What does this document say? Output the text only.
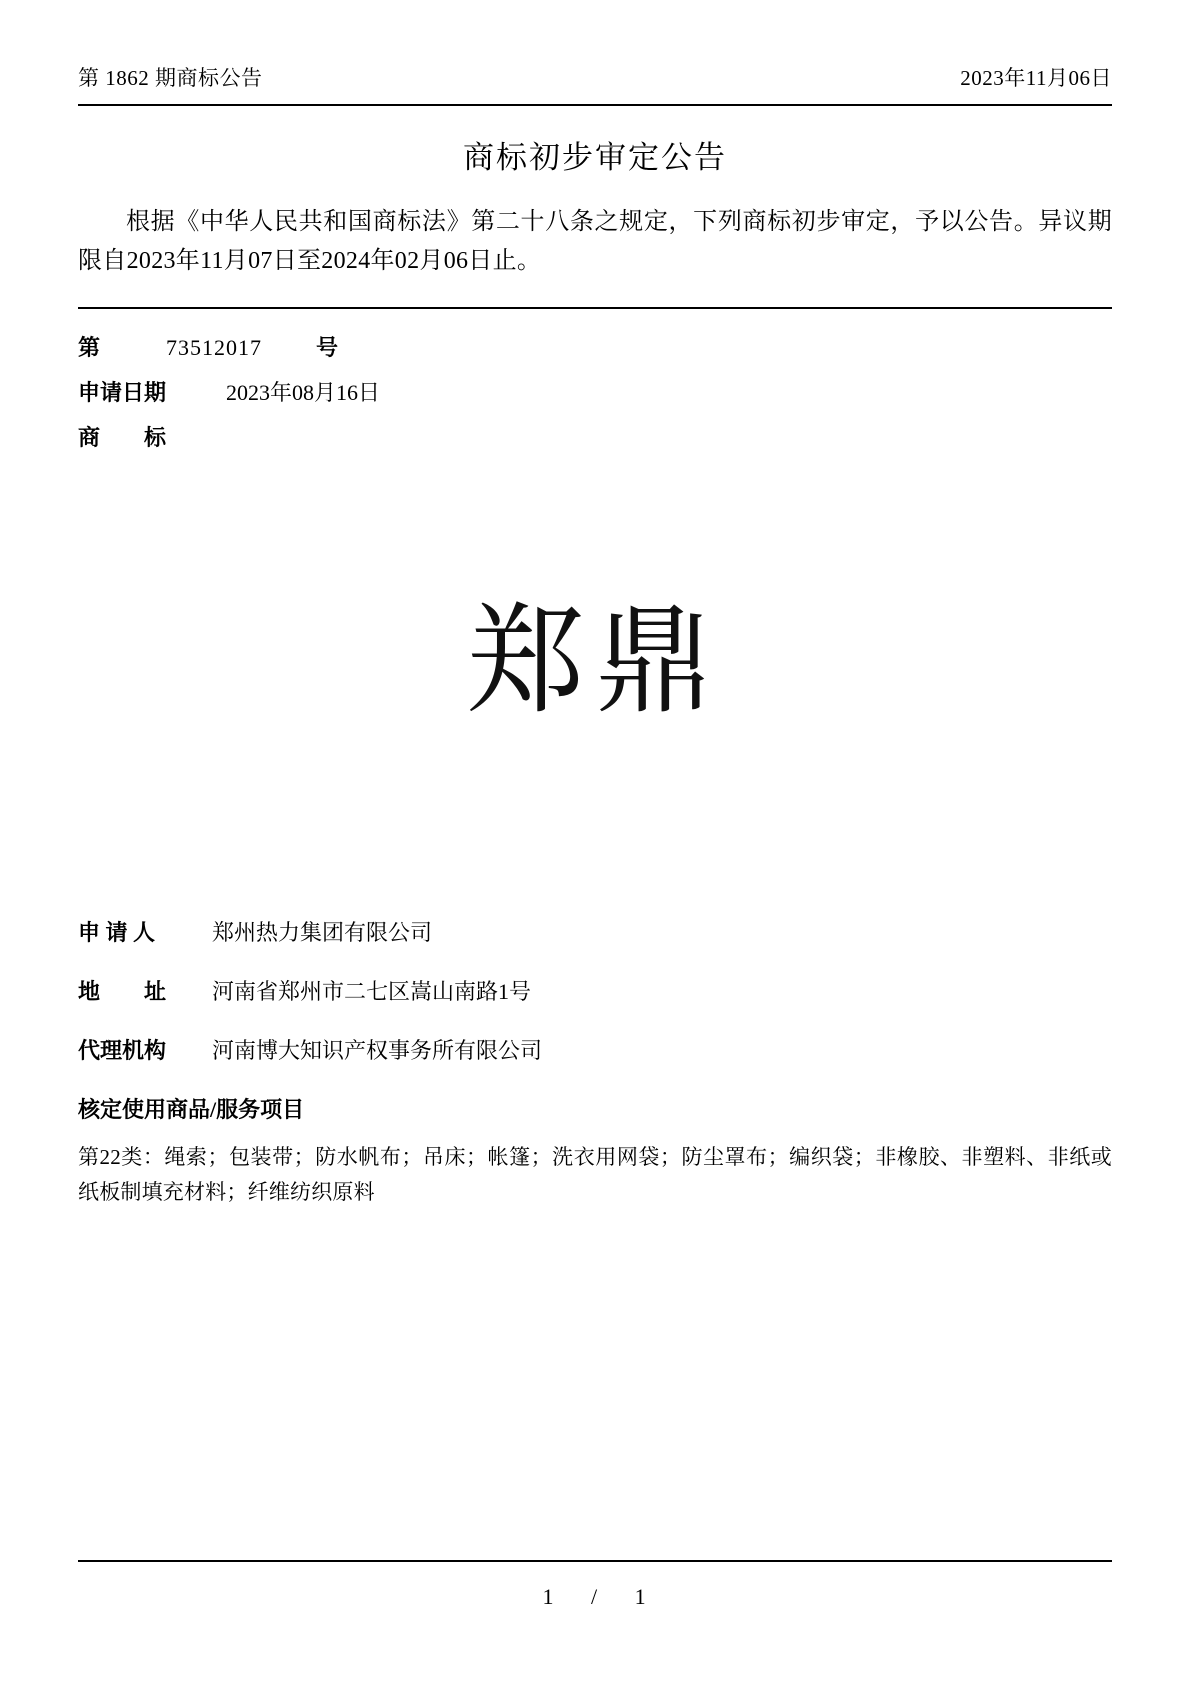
第 1862 期商标公告	2023年11月06日
商标初步审定公告
根据《中华人民共和国商标法》第二十八条之规定，下列商标初步审定，予以公告。异议期限自2023年11月07日至2024年02月06日止。
第	73512017 号
申请日期	2023年08月16日
商　　标
郑鼎
申 请 人	郑州热力集团有限公司
地　　址	河南省郑州市二七区嵩山南路1号
代理机构	河南博大知识产权事务所有限公司
核定使用商品/服务项目
第22类：绳索；包装带；防水帆布；吊床；帐篷；洗衣用网袋；防尘罩布；编织袋；非橡胶、非塑料、非纸或纸板制填充材料；纤维纺织原料
1 / 1
